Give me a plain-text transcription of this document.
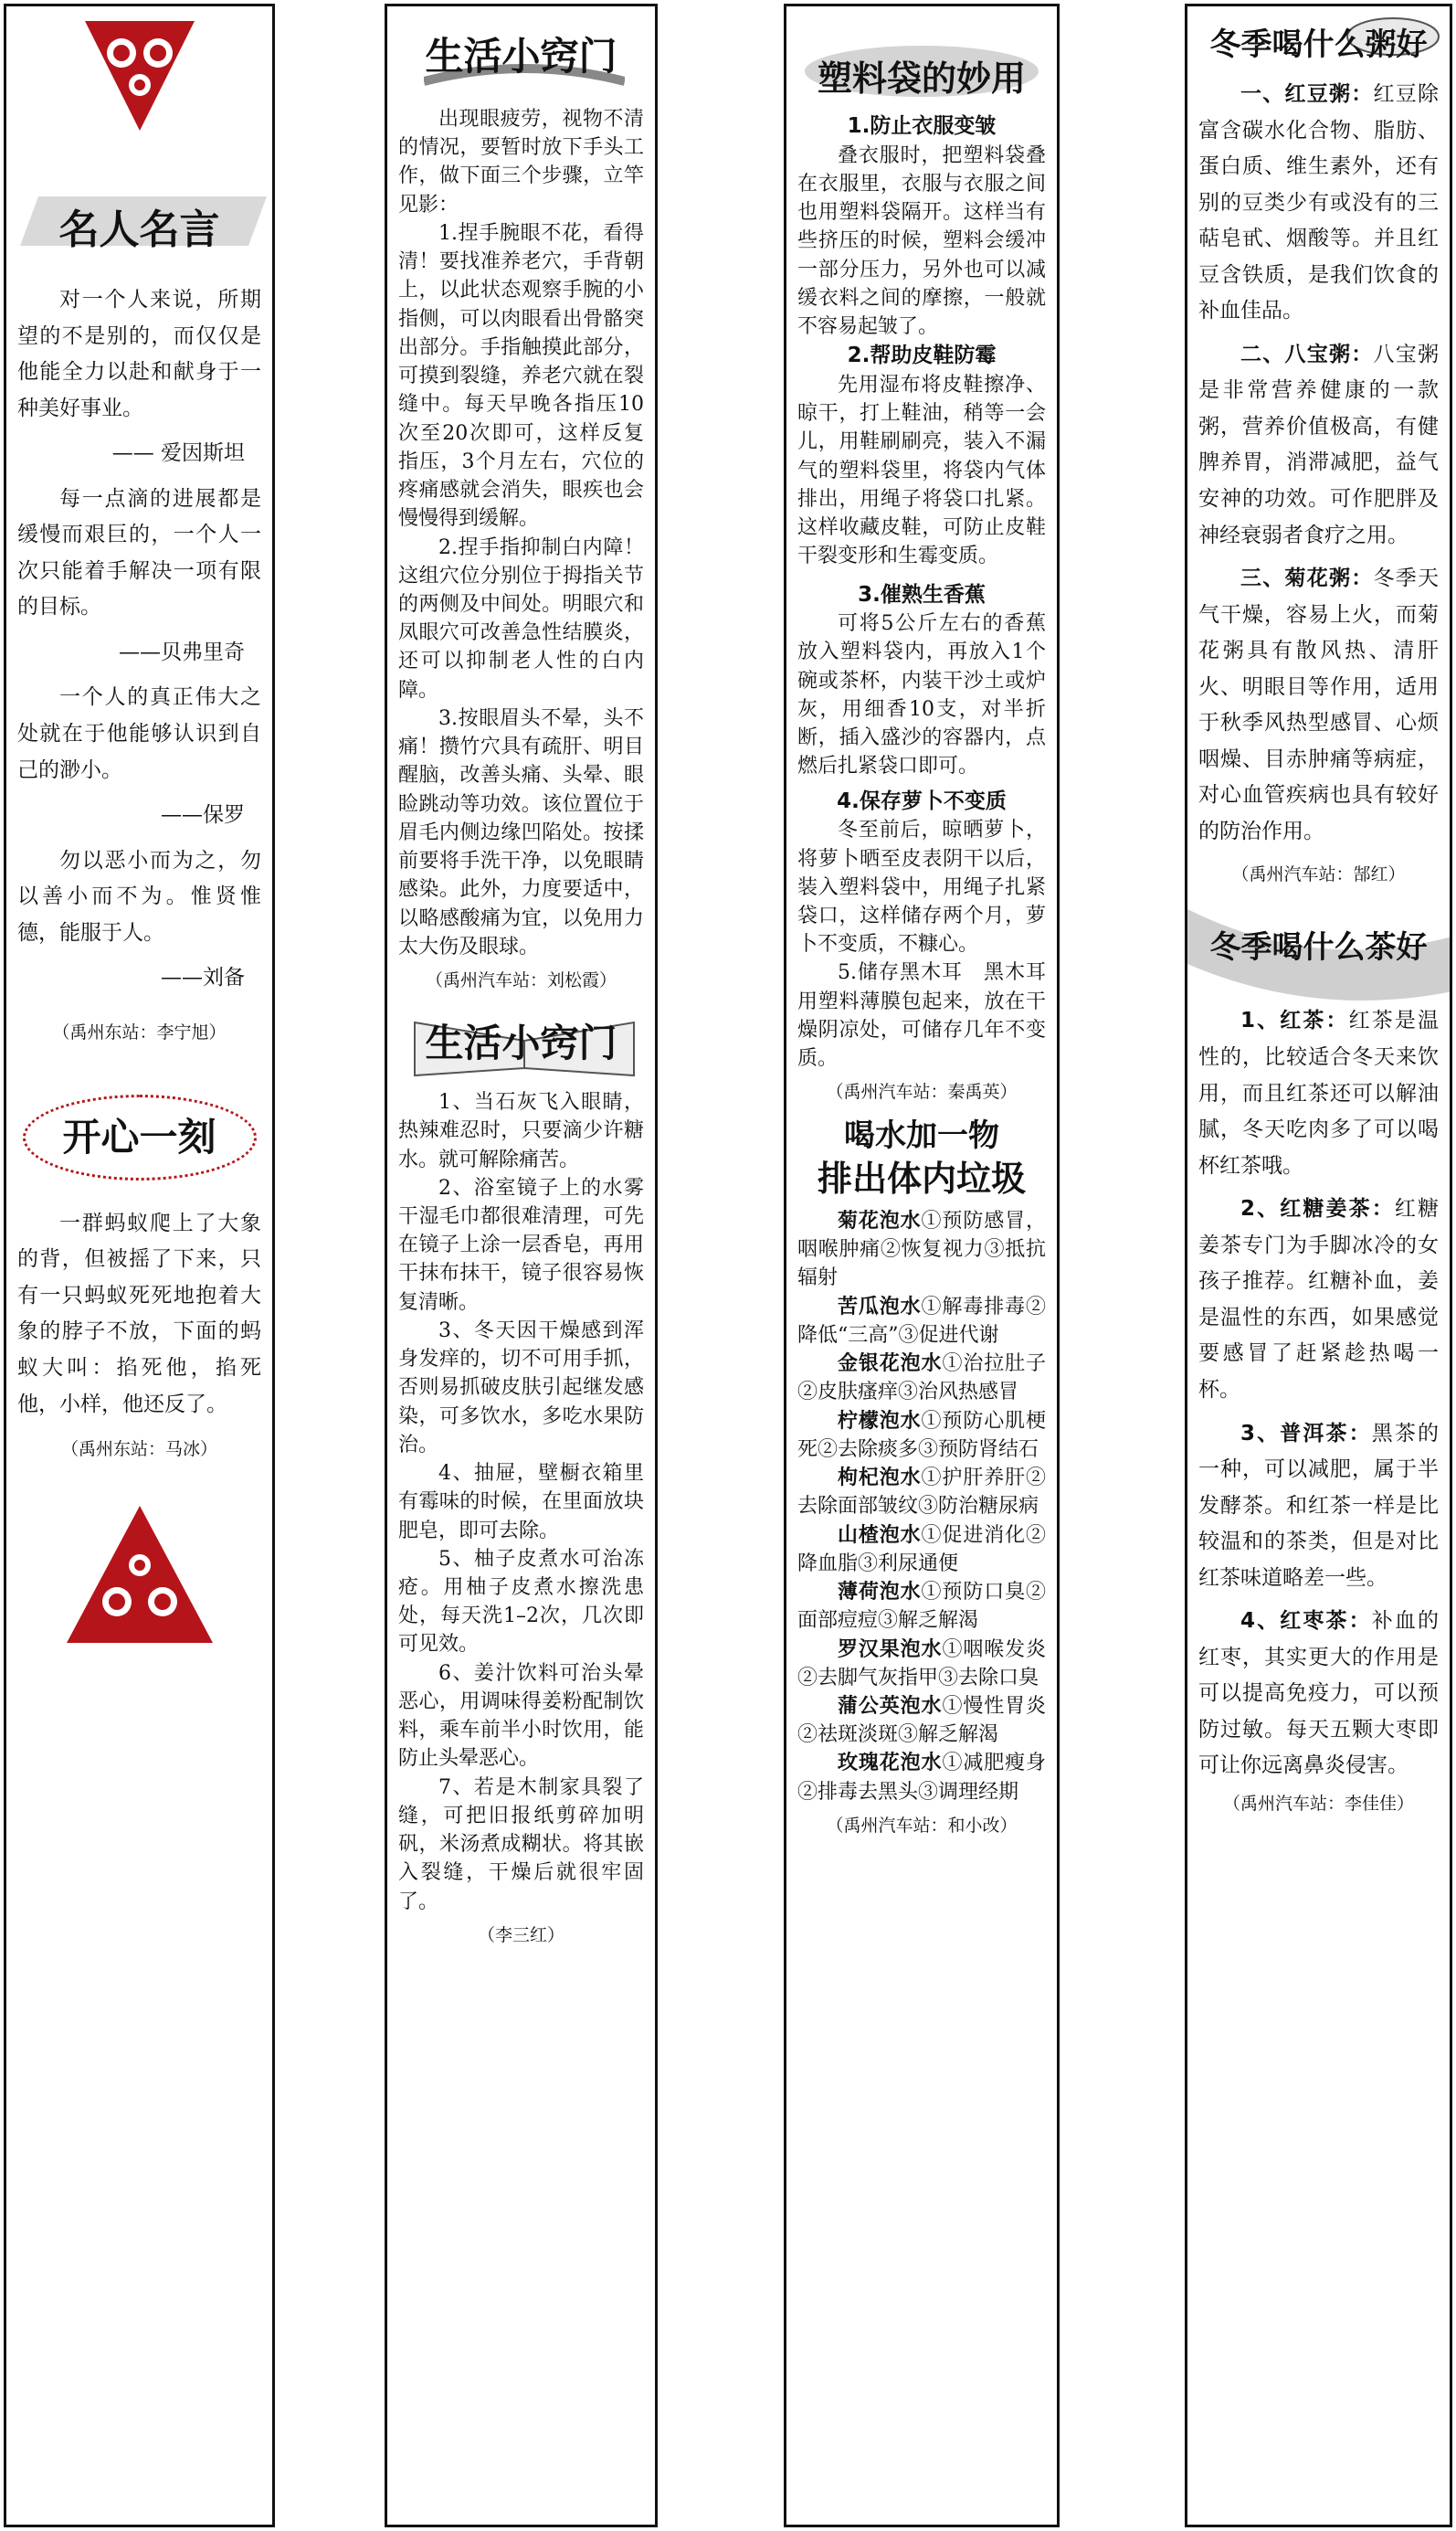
名人名言

对一个人来说，所期望的不是别的，而仅仅是他能全力以赴和献身于一种美好事业。

—— 爱因斯坦

每一点滴的进展都是缓慢而艰巨的，一个人一次只能着手解决一项有限的目标。

——贝弗里奇

一个人的真正伟大之处就在于他能够认识到自己的渺小。

——保罗

勿以恶小而为之，勿以善小而不为。惟贤惟德，能服于人。

——刘备
（禹州东站：李宁旭）
开心一刻

一群蚂蚁爬上了大象的背，但被摇了下来，只有一只蚂蚁死死地抱着大象的脖子不放，下面的蚂蚁大叫：掐死他，掐死他，小样，他还反了。

（禹州东站：马冰）
生活小窍门

出现眼疲劳，视物不清的情况，要暂时放下手头工作，做下面三个步骤，立竿见影：

1.捏手腕眼不花，看得清！要找准养老穴，手背朝上，以此状态观察手腕的小指侧，可以肉眼看出骨骼突出部分。手指触摸此部分，可摸到裂缝，养老穴就在裂缝中。每天早晚各指压10次至20次即可，这样反复指压，3个月左右，穴位的疼痛感就会消失，眼疾也会慢慢得到缓解。

2.捏手指抑制白内障！这组穴位分别位于拇指关节的两侧及中间处。明眼穴和凤眼穴可改善急性结膜炎，还可以抑制老人性的白内障。

3.按眼眉头不晕，头不痛！攒竹穴具有疏肝、明目醒脑，改善头痛、头晕、眼睑跳动等功效。该位置位于眉毛内侧边缘凹陷处。按揉前要将手洗干净，以免眼睛感染。此外，力度要适中，以略感酸痛为宜，以免用力太大伤及眼球。

（禹州汽车站：刘松霞）
生活小窍门

1、当石灰飞入眼睛，热辣难忍时，只要滴少许糖水。就可解除痛苦。

2、浴室镜子上的水雾干湿毛巾都很难清理，可先在镜子上涂一层香皂，再用干抹布抹干，镜子很容易恢复清晰。

3、冬天因干燥感到浑身发痒的，切不可用手抓，否则易抓破皮肤引起继发感染，可多饮水，多吃水果防治。

4、抽屉，壁橱衣箱里有霉味的时候，在里面放块肥皂，即可去除。

5、柚子皮煮水可治冻疮。用柚子皮煮水擦洗患处，每天洗1–2次，几次即可见效。

6、姜汁饮料可治头晕恶心，用调味得姜粉配制饮料，乘车前半小时饮用，能防止头晕恶心。

7、若是木制家具裂了缝，可把旧报纸剪碎加明矾，米汤煮成糊状。将其嵌入裂缝，干燥后就很牢固了。

（李三红）
塑料袋的妙用
1.防止衣服变皱

叠衣服时，把塑料袋叠在衣服里，衣服与衣服之间也用塑料袋隔开。这样当有些挤压的时候，塑料会缓冲一部分压力，另外也可以减缓衣料之间的摩擦，一般就不容易起皱了。

2.帮助皮鞋防霉

先用湿布将皮鞋擦净、晾干，打上鞋油，稍等一会儿，用鞋刷刷亮，装入不漏气的塑料袋里，将袋内气体排出，用绳子将袋口扎紧。这样收藏皮鞋，可防止皮鞋干裂变形和生霉变质。

3.催熟生香蕉

可将5公斤左右的香蕉放入塑料袋内，再放入1个碗或茶杯，内装干沙土或炉灰，用细香10支，对半折断，插入盛沙的容器内，点燃后扎紧袋口即可。

4.保存萝卜不变质

冬至前后，晾晒萝卜，将萝卜晒至皮表阴干以后，装入塑料袋中，用绳子扎紧袋口，这样储存两个月，萝卜不变质，不糠心。

5.储存黑木耳　黑木耳用塑料薄膜包起来，放在干燥阴凉处，可储存几年不变质。

（禹州汽车站：秦禹英）
喝水加一物
排出体内垃圾

菊花泡水①预防感冒，咽喉肿痛②恢复视力③抵抗辐射

苦瓜泡水①解毒排毒②降低“三高”③促进代谢

金银花泡水①治拉肚子②皮肤瘙痒③治风热感冒

柠檬泡水①预防心肌梗死②去除痰多③预防肾结石

枸杞泡水①护肝养肝②去除面部皱纹③防治糖尿病

山楂泡水①促进消化②降血脂③利尿通便

薄荷泡水①预防口臭②面部痘痘③解乏解渴

罗汉果泡水①咽喉发炎②去脚气灰指甲③去除口臭

蒲公英泡水①慢性胃炎②祛斑淡斑③解乏解渴

玫瑰花泡水①减肥瘦身②排毒去黑头③调理经期

（禹州汽车站：和小改）
冬季喝什么粥好

一、红豆粥：红豆除富含碳水化合物、脂肪、蛋白质、维生素外，还有别的豆类少有或没有的三萜皂甙、烟酸等。并且红豆含铁质，是我们饮食的补血佳品。

二、八宝粥：八宝粥是非常营养健康的一款粥，营养价值极高，有健脾养胃，消滞减肥，益气安神的功效。可作肥胖及神经衰弱者食疗之用。

三、菊花粥：冬季天气干燥，容易上火，而菊花粥具有散风热、清肝火、明眼目等作用，适用于秋季风热型感冒、心烦咽燥、目赤肿痛等病症，对心血管疾病也具有较好的防治作用。

（禹州汽车站：郜红）
冬季喝什么茶好

1、红茶：红茶是温性的，比较适合冬天来饮用，而且红茶还可以解油腻，冬天吃肉多了可以喝杯红茶哦。

2、红糖姜茶：红糖姜茶专门为手脚冰冷的女孩子推荐。红糖补血，姜是温性的东西，如果感觉要感冒了赶紧趁热喝一杯。

3、普洱茶：黑茶的一种，可以减肥，属于半发酵茶。和红茶一样是比较温和的茶类，但是对比红茶味道略差一些。

4、红枣茶：补血的红枣，其实更大的作用是可以提高免疫力，可以预防过敏。每天五颗大枣即可让你远离鼻炎侵害。

（禹州汽车站：李佳佳）
